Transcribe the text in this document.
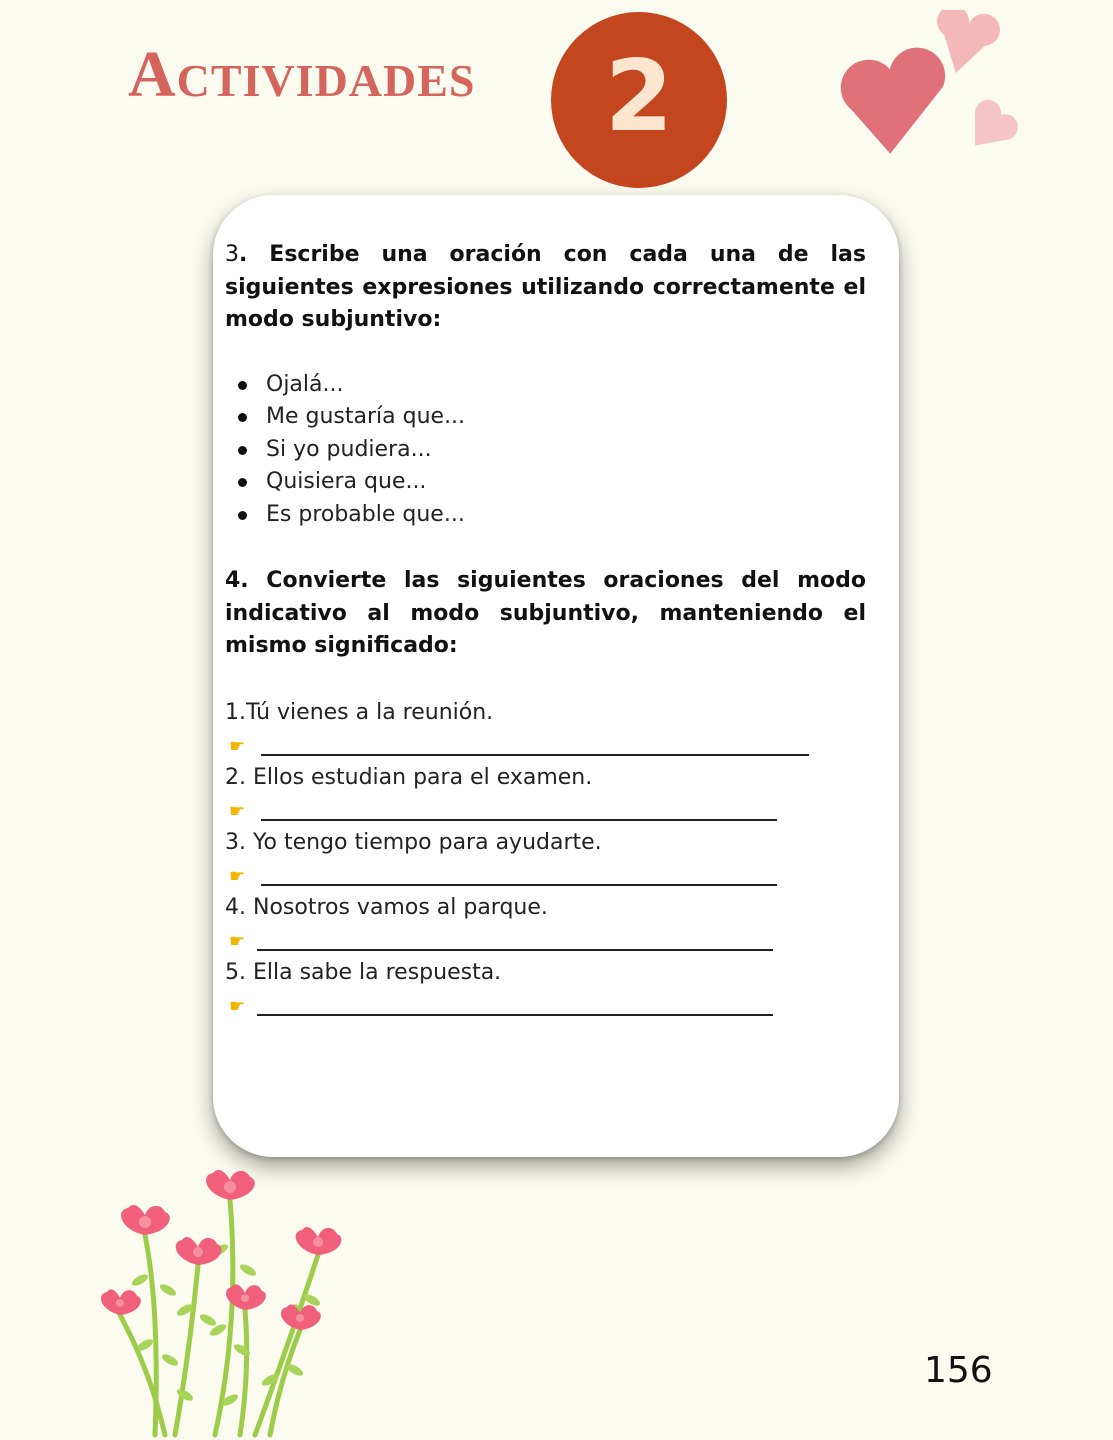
Actividades 2

3. Escribe una oración con cada una de las siguientes expresiones utilizando correctamente el modo subjuntivo:

Ojalá...
Me gustaría que...
Si yo pudiera...
Quisiera que...
Es probable que...

4. Convierte las siguientes oraciones del modo indicativo al modo subjuntivo, manteniendo el mismo significado:

1.Tú vienes a la reunión.

☛

2. Ellos estudian para el examen.

☛

3. Yo tengo tiempo para ayudarte.

☛

4. Nosotros vamos al parque.

☛

5. Ella sabe la respuesta.

☛
156
